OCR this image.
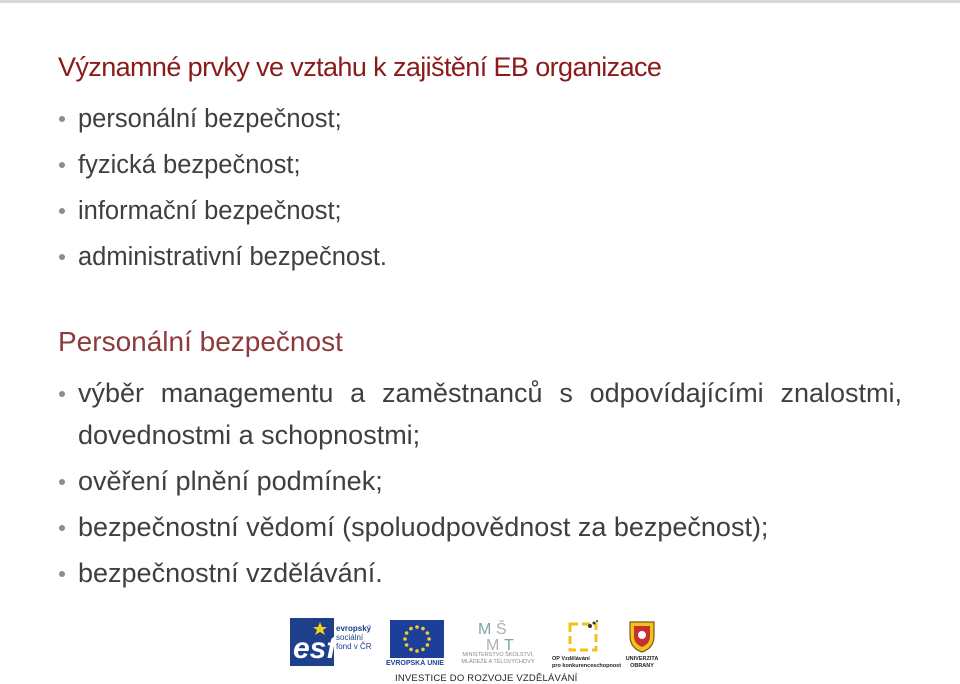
Významné prvky ve vztahu k zajištění EB organizace
personální bezpečnost;
fyzická bezpečnost;
informační bezpečnost;
administrativní bezpečnost.
Personální bezpečnost
výběr managementu a zaměstnanců s odpovídajícími znalostmi, dovednostmi a schopnostmi;
ověření plnění podmínek;
bezpečnostní vědomí (spoluodpovědnost za bezpečnost);
bezpečnostní vzdělávání.
esf
evropský
sociální
fond v ČR
EVROPSKÁ UNIE
M Š
M T
MINISTERSTVO ŠKOLSTVÍ,
MLÁDEŽE A TĚLOVÝCHOVY	OP Vzdělávání
pro konkurenceschopnost
UNIVERZITA
OBRANY
INVESTICE DO ROZVOJE VZDĚLÁVÁNÍ
